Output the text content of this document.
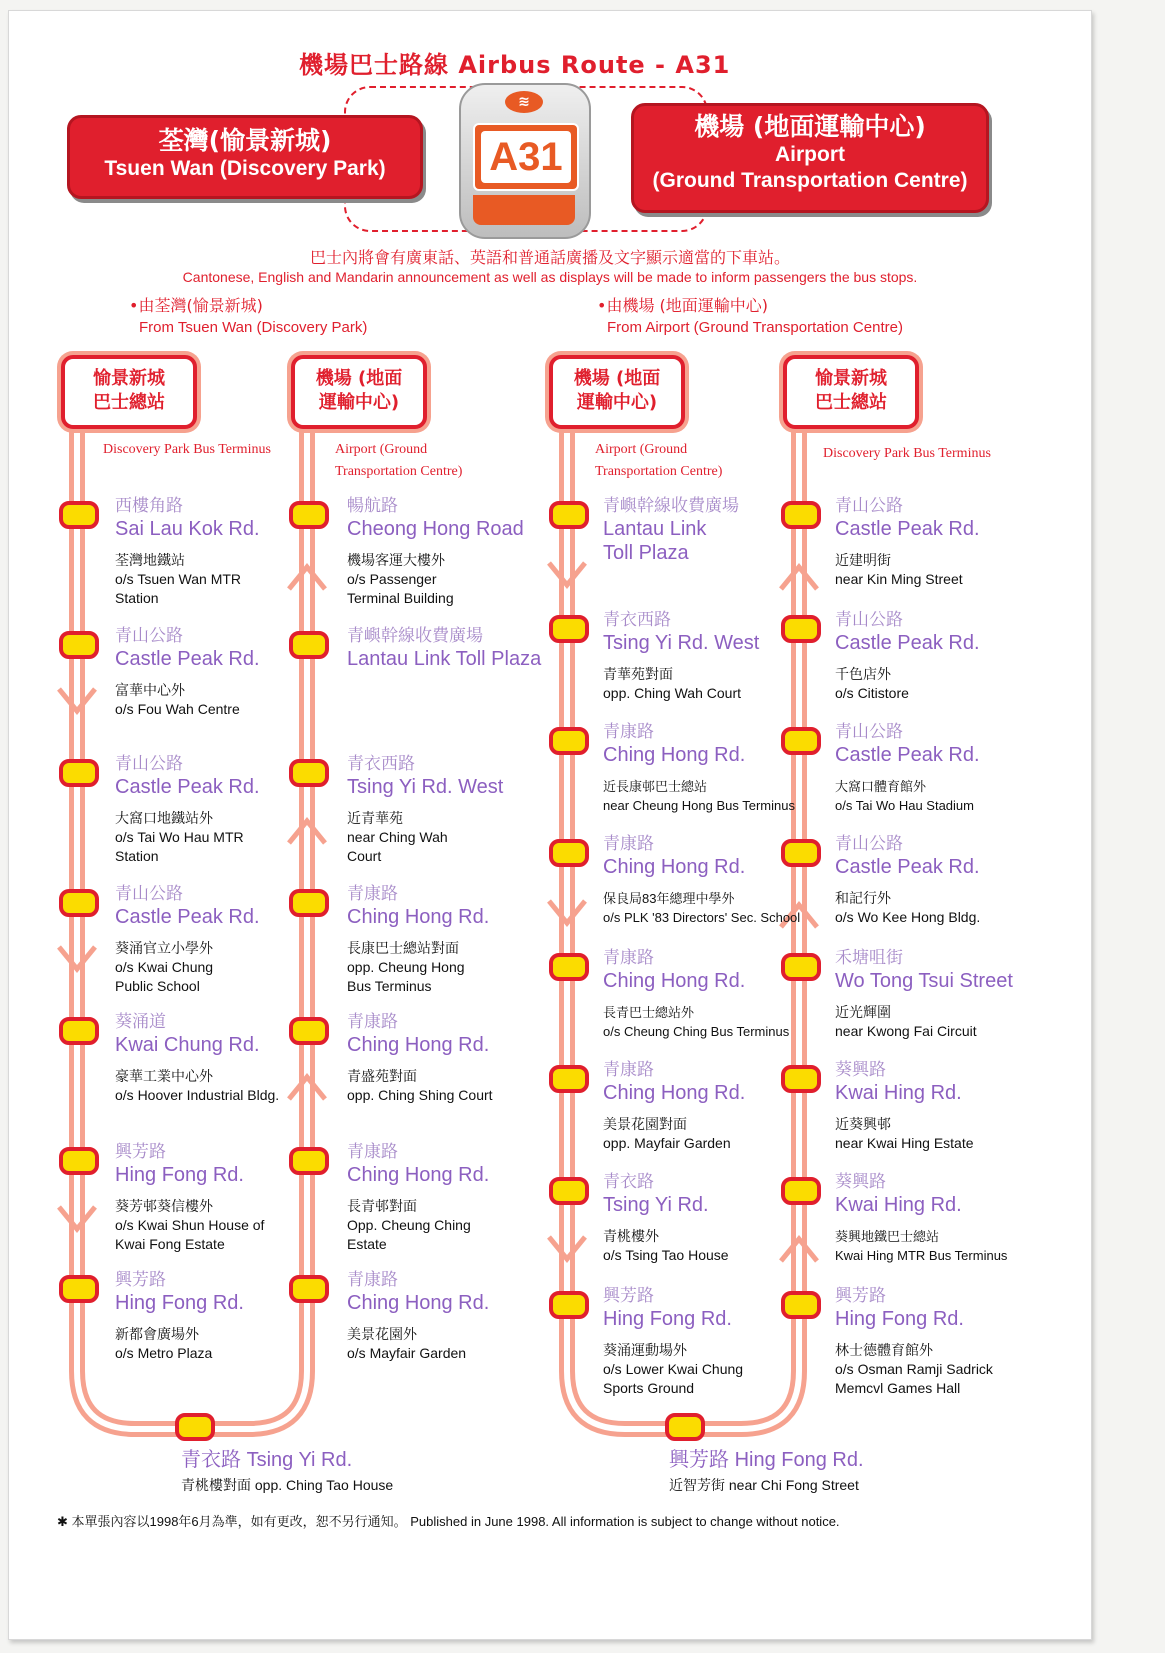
機場巴士路線 Airbus Route - A31
荃灣(愉景新城)
Tsuen Wan (Discovery Park)
機場 (地面運輸中心)
Airport
(Ground Transportation Centre)
≋
A31
巴士內將會有廣東話、英語和普通話廣播及文字顯示適當的下車站。
Cantonese, English and Mandarin announcement as well as displays will be made to inform passengers the bus stops.
•由荃灣(愉景新城)
From Tsuen Wan (Discovery Park)
•由機場 (地面運輸中心)
From Airport (Ground Transportation Centre)
愉景新城
巴士總站
Discovery Park Bus Terminus
機場 (地面
運輸中心)
Airport (Ground
Transportation Centre)
機場 (地面
運輸中心)
Airport (Ground
Transportation Centre)
愉景新城
巴士總站
Discovery Park Bus Terminus
西樓角路
Sai Lau Kok Rd.
荃灣地鐵站
o/s Tsuen Wan MTR
Station
青山公路
Castle Peak Rd.
富華中心外
o/s Fou Wah Centre
青山公路
Castle Peak Rd.
大窩口地鐵站外
o/s Tai Wo Hau MTR
Station
青山公路
Castle Peak Rd.
葵涌官立小學外
o/s Kwai Chung
Public School
葵涌道
Kwai Chung Rd.
豪華工業中心外
o/s Hoover Industrial Bldg.
興芳路
Hing Fong Rd.
葵芳邨葵信樓外
o/s Kwai Shun House of
Kwai Fong Estate
興芳路
Hing Fong Rd.
新都會廣場外
o/s Metro Plaza
暢航路
Cheong Hong Road
機場客運大樓外
o/s Passenger
Terminal Building
青嶼幹線收費廣場
Lantau Link Toll Plaza
青衣西路
Tsing Yi Rd. West
近青華苑
near Ching Wah
Court
青康路
Ching Hong Rd.
長康巴士總站對面
opp. Cheung Hong
Bus Terminus
青康路
Ching Hong Rd.
青盛苑對面
opp. Ching Shing Court
青康路
Ching Hong Rd.
長青邨對面
Opp. Cheung Ching
Estate
青康路
Ching Hong Rd.
美景花園外
o/s Mayfair Garden
青衣路 Tsing Yi Rd.
青桃樓對面 opp. Ching Tao House
青嶼幹線收費廣場
Lantau Link
Toll Plaza
青衣西路
Tsing Yi Rd. West
青華苑對面
opp. Ching Wah Court
青康路
Ching Hong Rd.
近長康邨巴士總站
near Cheung Hong Bus Terminus
青康路
Ching Hong Rd.
保良局83年總理中學外
o/s PLK '83 Directors' Sec. School
青康路
Ching Hong Rd.
長青巴士總站外
o/s Cheung Ching Bus Terminus
青康路
Ching Hong Rd.
美景花園對面
opp. Mayfair Garden
青衣路
Tsing Yi Rd.
青桃樓外
o/s Tsing Tao House
興芳路
Hing Fong Rd.
葵涌運動場外
o/s Lower Kwai Chung
Sports Ground
青山公路
Castle Peak Rd.
近建明街
near Kin Ming Street
青山公路
Castle Peak Rd.
千色店外
o/s Citistore
青山公路
Castle Peak Rd.
大窩口體育館外
o/s Tai Wo Hau Stadium
青山公路
Castle Peak Rd.
和記行外
o/s Wo Kee Hong Bldg.
禾塘咀街
Wo Tong Tsui Street
近光輝圍
near Kwong Fai Circuit
葵興路
Kwai Hing Rd.
近葵興邨
near Kwai Hing Estate
葵興路
Kwai Hing Rd.
葵興地鐵巴士總站
Kwai Hing MTR Bus Terminus
興芳路
Hing Fong Rd.
林士德體育館外
o/s Osman Ramji Sadrick
Memcvl Games Hall
興芳路 Hing Fong Rd.
近智芳街 near Chi Fong Street
✱ 本單張內容以1998年6月為準，如有更改，恕不另行通知。 Published in June 1998. All information is subject to change without notice.
